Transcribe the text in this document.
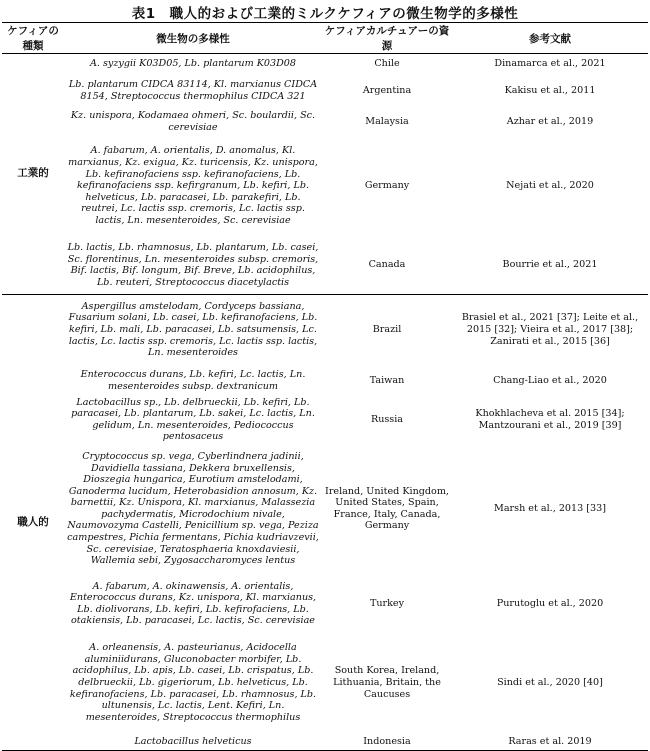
表1　職人的および工業的ミルクケフィアの微生物学的多様性
ケフィアの種類	微生物の多様性	ケフィアカルチュアーの資源	参考文献
工業的	A. syzygii K03D05, Lb. plantarum K03D08	Chile	Dinamarca et al., 2021
	Lb. plantarum CIDCA 83114, Kl. marxianus CIDCA 8154, Streptococcus thermophilus CIDCA 321	Argentina	Kakisu et al., 2011
	Kz. unispora, Kodamaea ohmeri, Sc. boulardii, Sc. cerevisiae	Malaysia	Azhar et al., 2019
	A. fabarum, A. orientalis, D. anomalus, Kl. marxianus, Kz. exigua, Kz. turicensis, Kz. unispora, Lb. kefiranofaciens ssp. kefiranofaciens, Lb. kefiranofaciens ssp. kefirgranum, Lb. kefiri, Lb. helveticus, Lb. paracasei, Lb. parakefiri, Lb. reutrei, Lc. lactis ssp. cremoris, Lc. lactis ssp. lactis, Ln. mesenteroides, Sc. cerevisiae	Germany	Nejati et al., 2020
	Lb. lactis, Lb. rhamnosus, Lb. plantarum, Lb. casei, Sc. florentinus, Ln. mesenteroides subsp. cremoris, Bif. lactis, Bif. longum, Bif. Breve, Lb. acidophilus, Lb. reuteri, Streptococcus diacetylactis	Canada	Bourrie et al., 2021
職人的	Aspergillus amstelodam, Cordyceps bassiana, Fusarium solani, Lb. casei, Lb. kefiranofaciens, Lb. kefiri, Lb. mali, Lb. paracasei, Lb. satsumensis, Lc. lactis, Lc. lactis ssp. cremoris, Lc. lactis ssp. lactis, Ln. mesenteroides	Brazil	Brasiel et al., 2021 [37]; Leite et al., 2015 [32]; Vieira et al., 2017 [38]; Zanirati et al., 2015 [36]
	Enterococcus durans, Lb. kefiri, Lc. lactis, Ln. mesenteroides subsp. dextranicum	Taiwan	Chang-Liao et al., 2020
	Lactobacillus sp., Lb. delbrueckii, Lb. kefiri, Lb. paracasei, Lb. plantarum, Lb. sakei, Lc. lactis, Ln. gelidum, Ln. mesenteroides, Pediococcus pentosaceus	Russia	Khokhlacheva et al. 2015 [34]; Mantzourani et al., 2019 [39]
	Cryptococcus sp. vega, Cyberlindnera jadinii, Davidiella tassiana, Dekkera bruxellensis, Dioszegia hungarica, Eurotium amstelodami, Ganoderma lucidum, Heterobasidion annosum, Kz. barnettii, Kz. Unispora, Kl. marxianus, Malassezia pachydermatis, Microdochium nivale, Naumovozyma Castelli, Penicillium sp. vega, Peziza campestres, Pichia fermentans, Pichia kudriavzevii, Sc. cerevisiae, Teratosphaeria knoxdaviesii, Wallemia sebi, Zygosaccharomyces lentus	Ireland, United Kingdom, United States, Spain, France, Italy, Canada, Germany	Marsh et al., 2013 [33]
	A. fabarum, A. okinawensis, A. orientalis, Enterococcus durans, Kz. unispora, Kl. marxianus, Lb. diolivorans, Lb. kefiri, Lb. kefirofaciens, Lb. otakiensis, Lb. paracasei, Lc. lactis, Sc. cerevisiae	Turkey	Purutoglu et al., 2020
	A. orleanensis, A. pasteurianus, Acidocella aluminiidurans, Gluconobacter morbifer, Lb. acidophilus, Lb. apis, Lb. casei, Lb. crispatus, Lb. delbrueckii, Lb. gigeriorum, Lb. helveticus, Lb. kefiranofaciens, Lb. paracasei, Lb. rhamnosus, Lb. ultunensis, Lc. lactis, Lent. Kefiri, Ln. mesenteroides, Streptococcus thermophilus	South Korea, Ireland, Lithuania, Britain, the Caucuses	Sindi et al., 2020 [40]
	Lactobacillus helveticus	Indonesia	Raras et al. 2019
